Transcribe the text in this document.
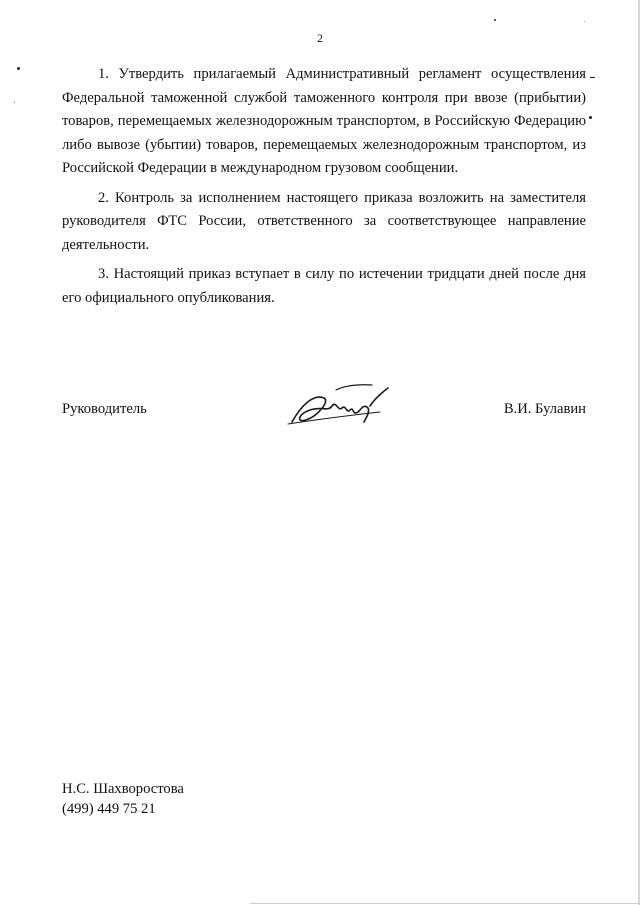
2

1. Утвердить прилагаемый Административный регламент осуществления Федеральной таможенной службой таможенного контроля при ввозе (прибытии) товаров, перемещаемых железнодорожным транспортом, в Российскую Федерацию либо вывозе (убытии) товаров, перемещаемых железнодорожным транспортом, из Российской Федерации в международном грузовом сообщении.

2. Контроль за исполнением настоящего приказа возложить на заместителя руководителя ФТС России, ответственного за соответствующее направление деятельности.

3. Настоящий приказ вступает в силу по истечении тридцати дней после дня его официального опубликования.

Руководитель	В.И. Булавин
Н.С. Шахворостова
(499) 449 75 21
